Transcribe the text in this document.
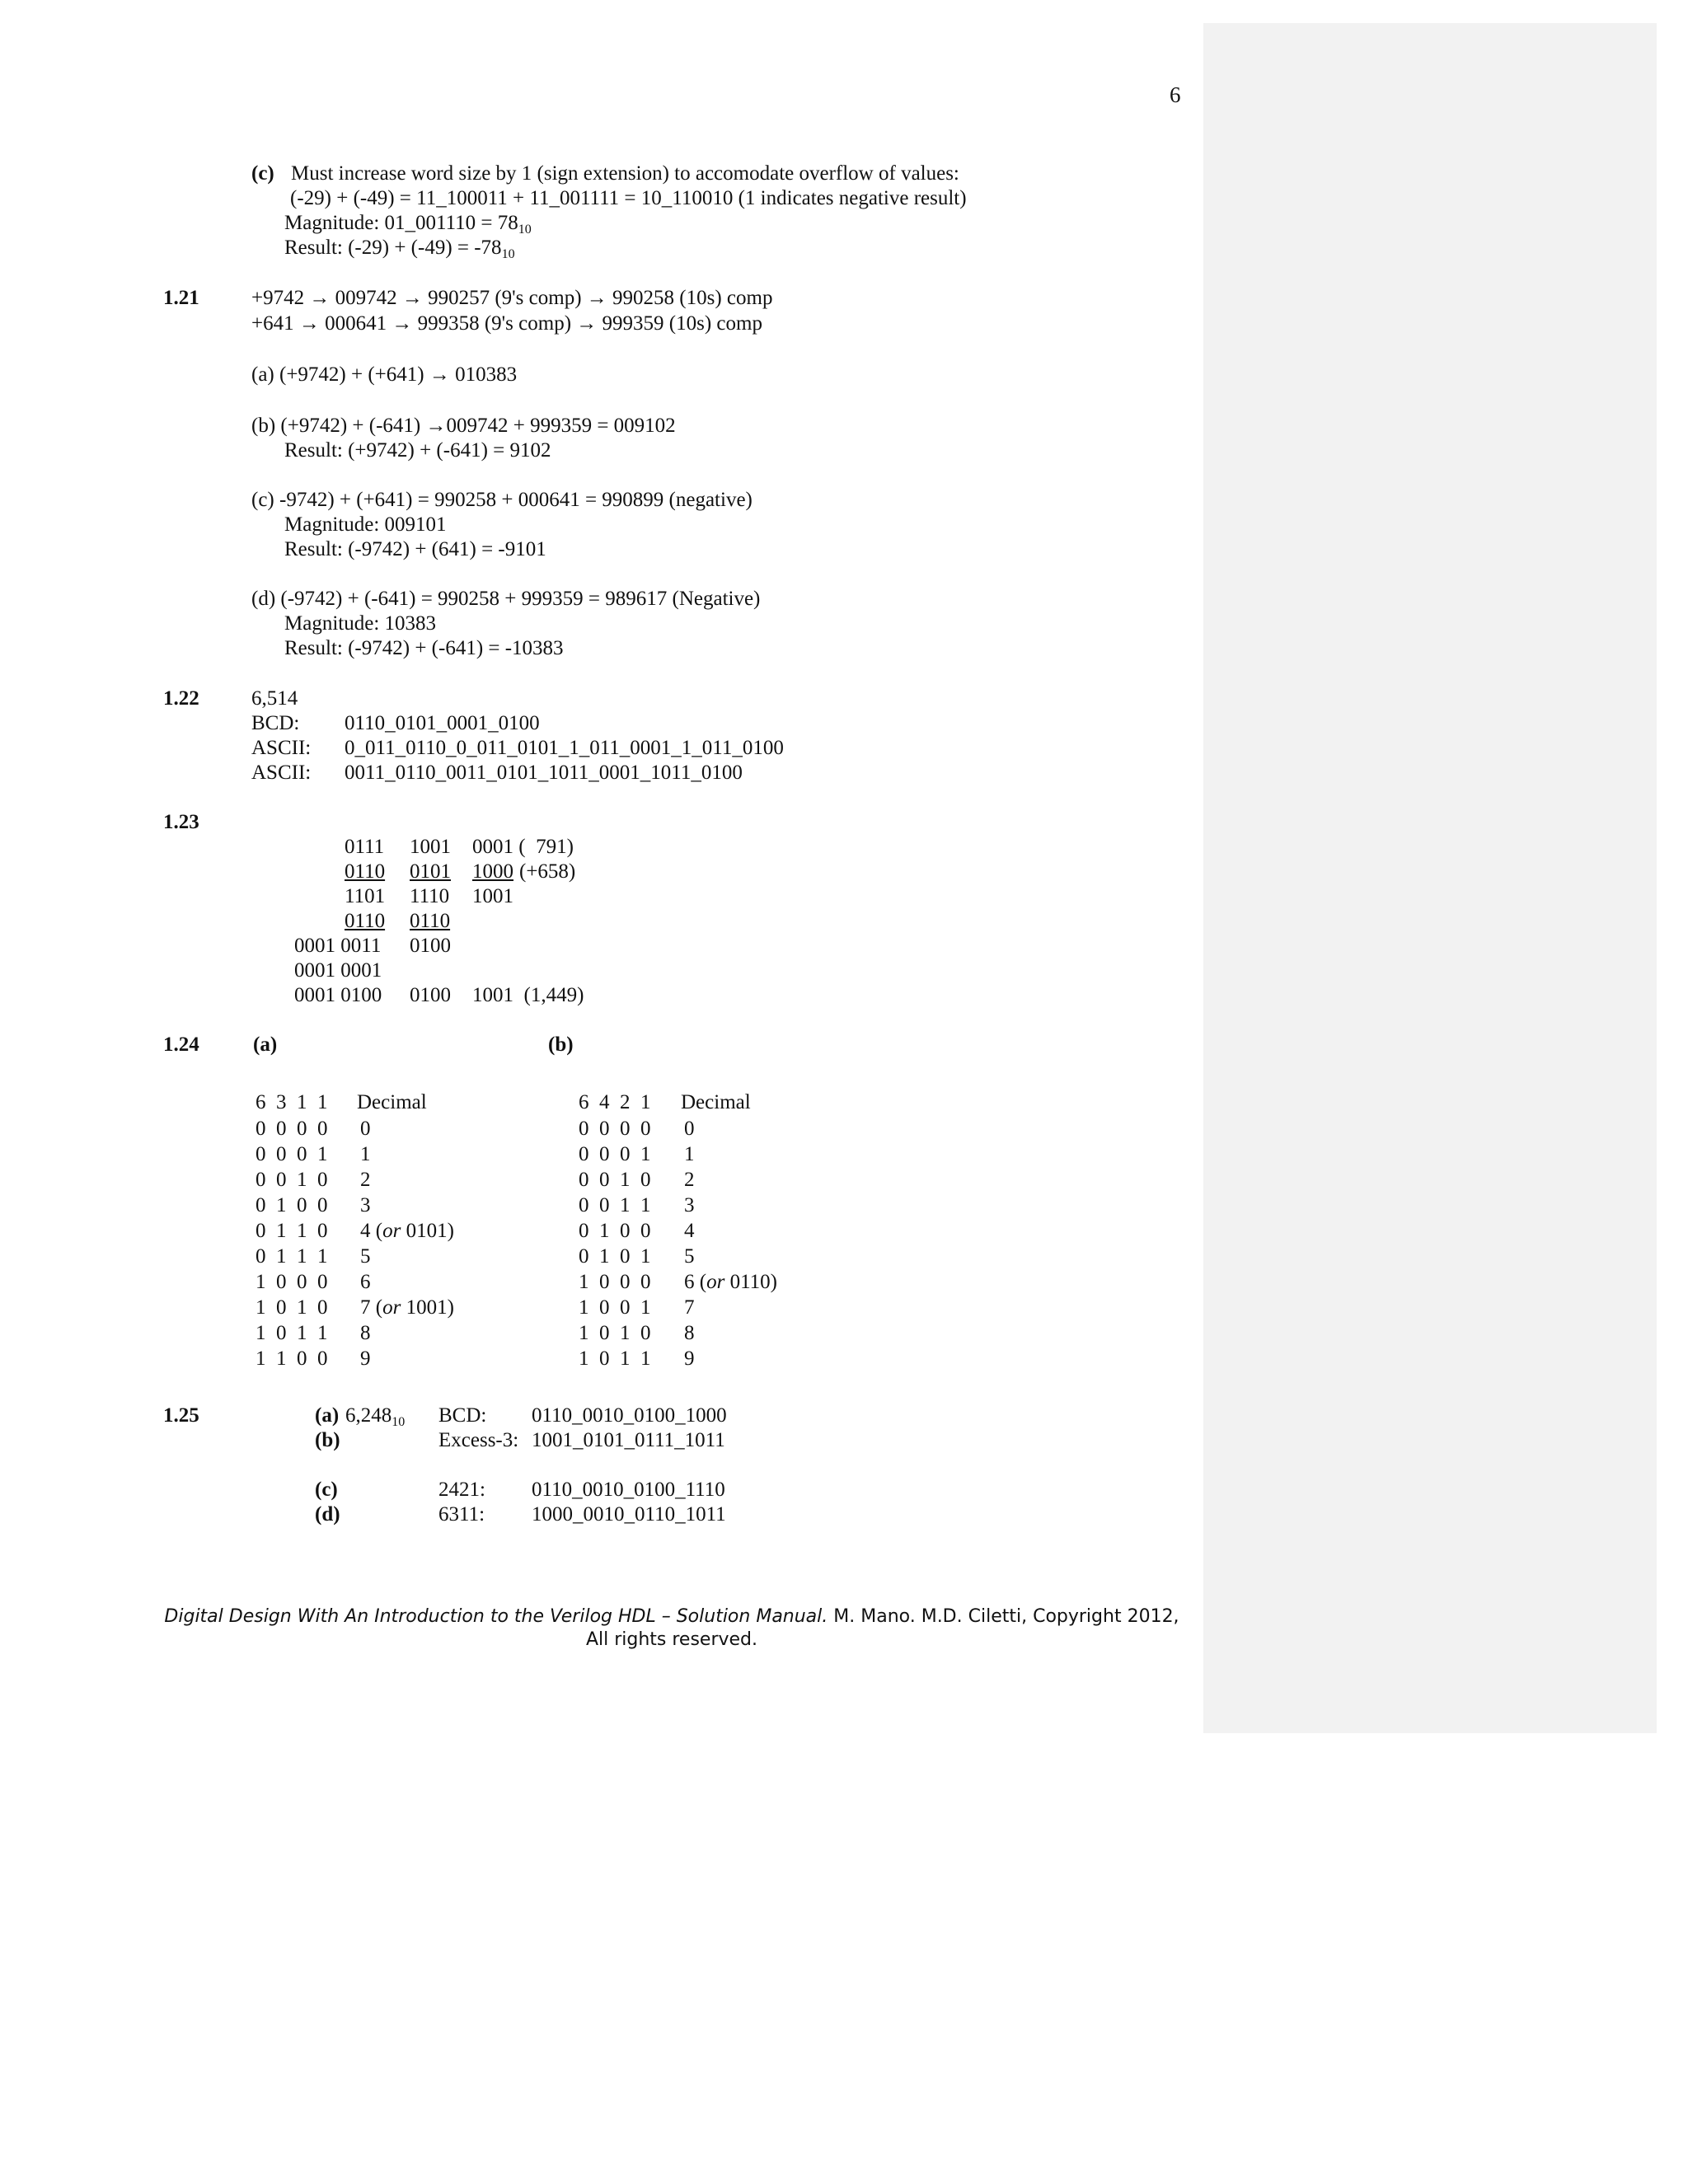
6
(c) Must increase word size by 1 (sign extension) to accomodate overflow of values:
(-29) + (-49) = 11_100011 + 11_001111 = 10_110010 (1 indicates negative result)
Magnitude: 01_001110 = $78_{10}$
Result: $(-29) + (-49) = -78_{10}$
1.21	+9742 → 009742 → 990257 (9's comp) → 990258 (10s) comp
+641 → 000641 → 999358 (9's comp) → 999359 (10s) comp
(a) (+9742) + (+641) → 010383
(b) (+9742) + (-641) →009742 + 999359 = 009102
Result: (+9742) + (-641) = 9102
(c) -9742) + (+641) = 990258 + 000641 = 990899 (negative)
Magnitude: 009101
Result: (-9742) + (641) = -9101
(d) (-9742) + (-641) = 990258 + 999359 = 989617 (Negative)
Magnitude: 10383
Result: (-9742) + (-641) = -10383
1.22	6,514
BCD: 0110_0101_0001_0100
ASCII: 0_011_0110_0_011_0101_1_011_0001_1_011_0100
ASCII: 0011_0110_0011_0101_1011_0001_1011_0100
1.23
0111 1001 0001 (  791)
0110 0101 1000 (+658)
1101 1110 1001
0110 0110
0001 0011 0100
0001 0001
0001 0100 0100 1001  (1,449)
1.24	(a)	(b)
6  3  1  1 Decimal
0  0  0  0 0
0  0  0  1 1
0  0  1  0 2
0  1  0  0 3
0  1  1  0 4 (or 0101)
0  1  1  1 5
1  0  0  0 6
1  0  1  0 7 (or 1001)
1  0  1  1 8
1  1  0  0 9
6  4  2  1 Decimal
0  0  0  0 0
0  0  0  1 1
0  0  1  0 2
0  0  1  1 3
0  1  0  0 4
0  1  0  1 5
1  0  0  0 6 (or 0110)
1  0  0  1 7
1  0  1  0 8
1  0  1  1 9
1.25	(a) $6,248_{10}$ BCD: 0110_0010_0100_1000
(b)	Excess-3: 1001_0101_0111_1011
(c)	2421: 0110_0010_0100_1110
(d)	6311: 1000_0010_0110_1011
Digital Design With An Introduction to the Verilog HDL – Solution Manual. M. Mano. M.D. Ciletti, Copyright 2012,
All rights reserved.
